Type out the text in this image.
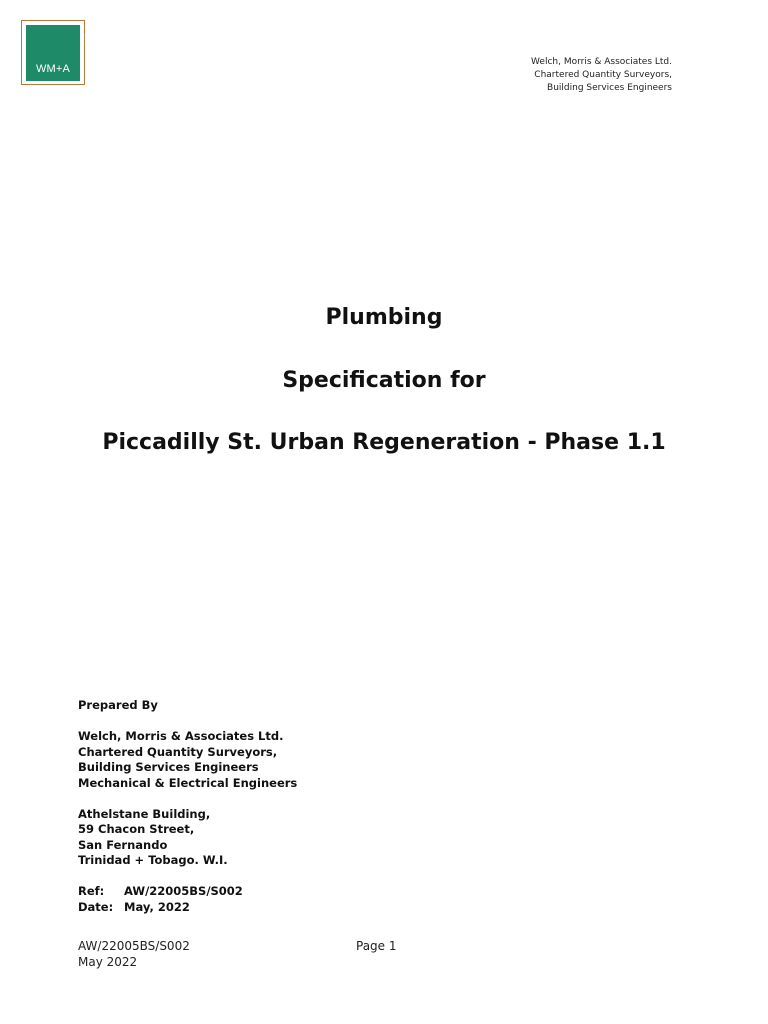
WM+A
Welch, Morris & Associates Ltd.
Chartered Quantity Surveyors,
Building Services Engineers
Plumbing
Specification for
Piccadilly St. Urban Regeneration - Phase 1.1
Prepared By
Welch, Morris & Associates Ltd.
Chartered Quantity Surveyors,
Building Services Engineers
Mechanical & Electrical Engineers
Athelstane Building,
59 Chacon Street,
San Fernando
Trinidad + Tobago. W.I.
Ref: AW/22005BS/S002
Date: May, 2022
AW/22005BS/S002
May 2022
Page 1
